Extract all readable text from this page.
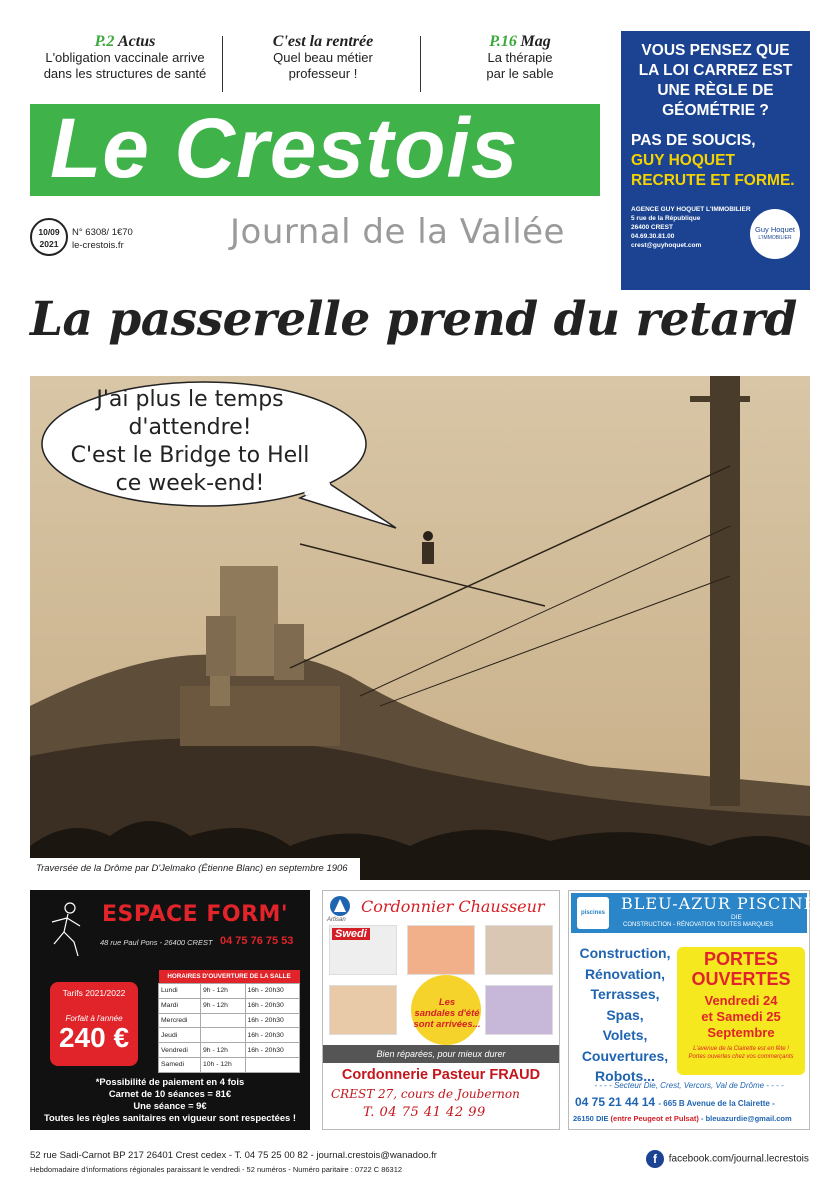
P.2 Actus
L'obligation vaccinale arrive
dans les structures de santé
C'est la rentrée
Quel beau métier
professeur !
P.16 Mag
La thérapie
par le sable
Le Crestois
10/09
2021
N° 6308/ 1€70
le-crestois.fr	Journal de la Vallée
VOUS PENSEZ QUE LA LOI CARREZ EST UNE RÈGLE DE GÉOMÉTRIE ?
PAS DE SOUCIS,
GUY HOQUET RECRUTE ET FORME.
AGENCE GUY HOQUET L'IMMOBILIER
5 rue de la République
26400 CREST
04.69.30.81.00
crest@guyhoquet.com
Guy Hoquet
L'IMMOBILIER
La passerelle prend du retard
J'ai plus le temps
d'attendre!
C'est le Bridge to Hell
ce week-end!
Traversée de la Drôme par D'Jelmako (Étienne Blanc) en septembre 1906
ESPACE FORM'
48 rue Paul Pons - 26400 CREST 04 75 76 75 53
Tarifs 2021/2022
Forfait à l'année
240 €
HORAIRES D'OUVERTURE DE LA SALLE		
Lundi	9h - 12h	16h - 20h30
Mardi	9h - 12h	16h - 20h30
Mercredi		16h - 20h30
Jeudi		16h - 20h30
Vendredi	9h - 12h	16h - 20h30
Samedi	10h - 12h	
*Possibilité de paiement en 4 fois
Carnet de 10 séances = 81€
Une séance = 9€
Toutes les règles sanitaires en vigueur sont respectées !
Artisan
Cordonnier Chausseur
Swedi
Les
sandales d'été
sont arrivées...
Bien réparées, pour mieux durer
Cordonnerie Pasteur FRAUD
CREST 27, cours de Joubernon
T. 04 75 41 42 99
piscines BLEU-AZUR PISCINE
DIE
CONSTRUCTION - RÉNOVATION TOUTES MARQUES
Construction,
Rénovation,
Terrasses,
Spas,
Volets,
Couvertures,
Robots...
PORTES
OUVERTES
Vendredi 24
et Samedi 25
Septembre
L'avenue de la Clairette est en fête !
Portes ouvertes chez vos commerçants
- - - - Secteur Die, Crest, Vercors, Val de Drôme - - - -
04 75 21 44 14 - 665 B Avenue de la Clairette -
26150 DIE (entre Peugeot et Pulsat) - bleuazurdie@gmail.com
52 rue Sadi-Carnot BP 217 26401 Crest cedex - T. 04 75 25 00 82 - journal.crestois@wanadoo.fr
Hebdomadaire d'informations régionales paraissant le vendredi - 52 numéros - Numéro paritaire : 0722 C 86312
f facebook.com/journal.lecrestois
